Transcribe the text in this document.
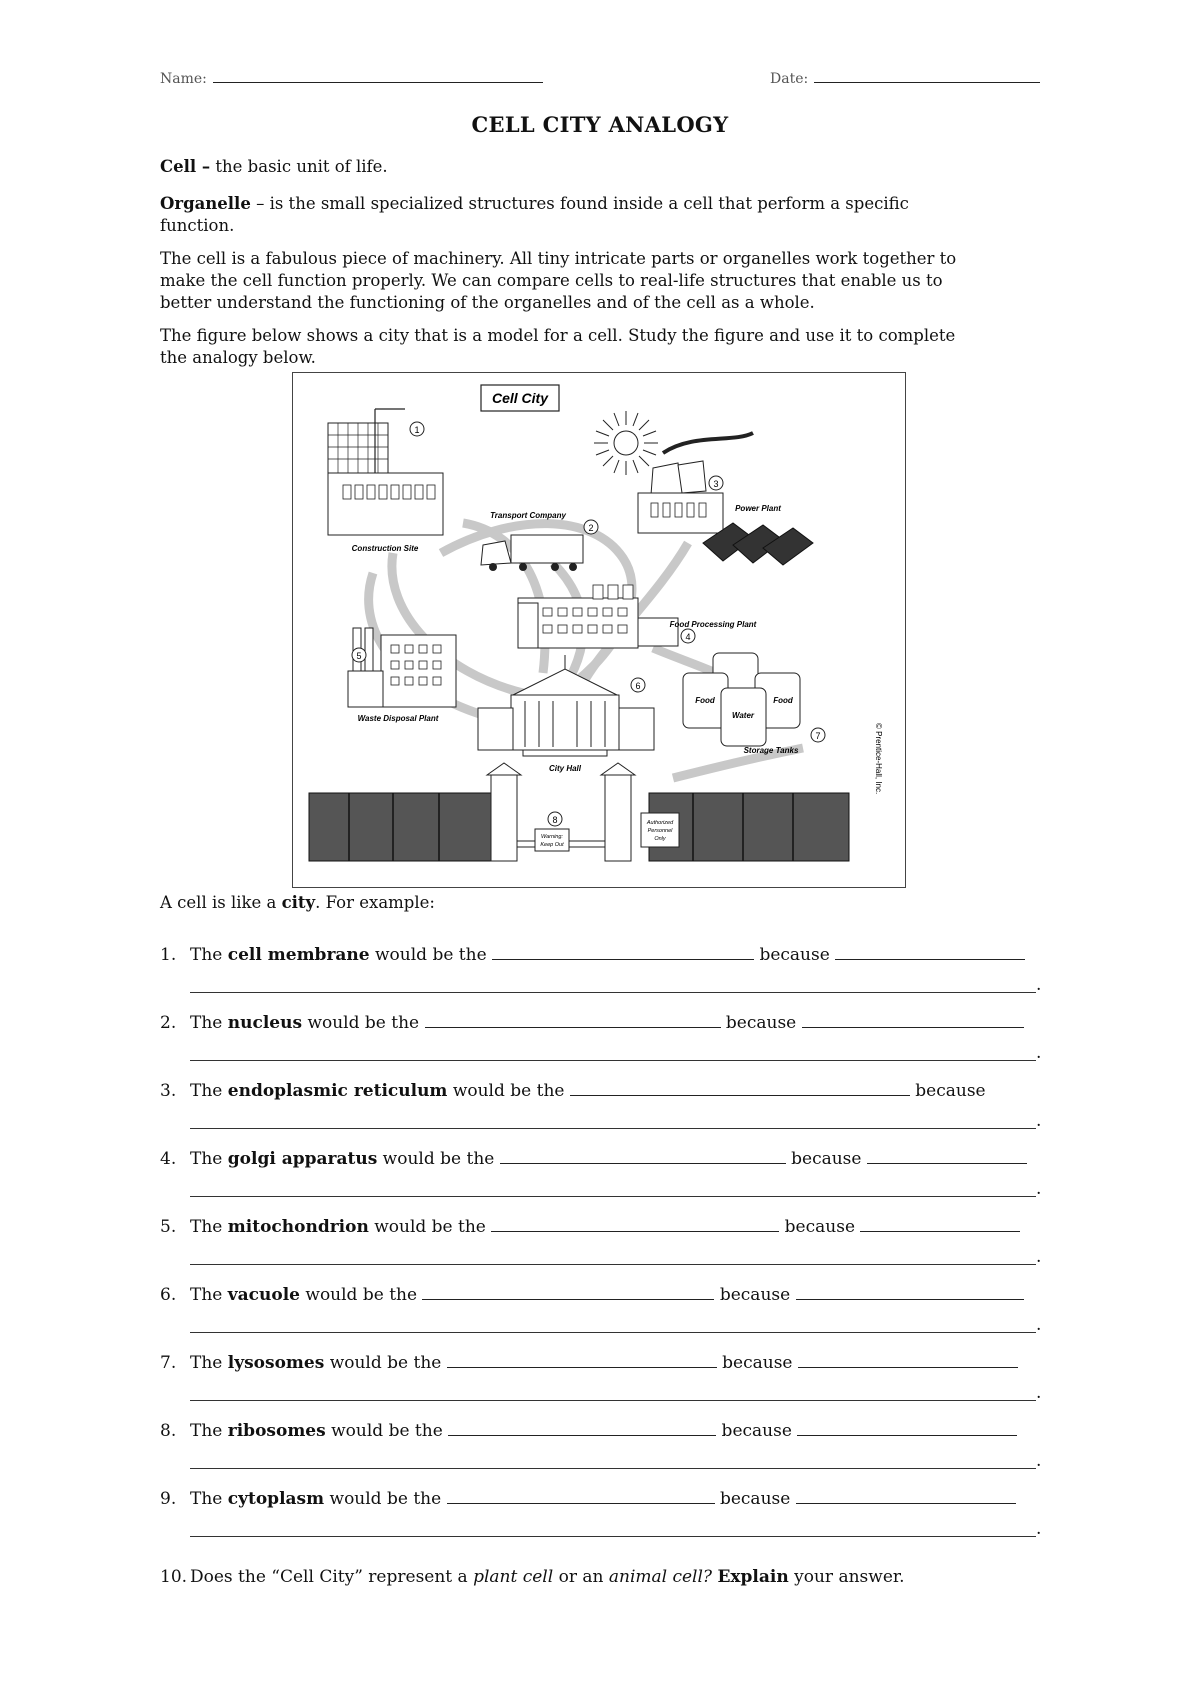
Name:	Date:
CELL CITY ANALOGY
Cell – the basic unit of life.
Organelle – is the small specialized structures found inside a cell that perform a specific
function.
The cell is a fabulous piece of machinery. All tiny intricate parts or organelles work together to
make the cell function properly. We can compare cells to real-life structures that enable us to
better understand the functioning of the organelles and of the cell as a whole.
The figure below shows a city that is a model for a cell. Study the figure and use it to complete
the analogy below.
Cell City
1
Construction Site
3
Power Plant
Transport Company
2
Food Processing Plant
4
5
Waste Disposal Plant
6
City Hall
Food
Water
Food
7
Storage Tanks	© Prentice-Hall, Inc.
Warning:
Keep Out
8	Authorized
Personnel
Only
A cell is like a city. For example:
1. The cell membrane would be the	because
.
2. The nucleus would be the	because
.
3. The endoplasmic reticulum would be the	because
.
4. The golgi apparatus would be the	because
.
5. The mitochondrion would be the	because
.
6. The vacuole would be the	because
.
7. The lysosomes would be the	because
.
8. The ribosomes would be the	because
.
9. The cytoplasm would be the	because
.
10. Does the “Cell City” represent a plant cell or an animal cell? Explain your answer.
